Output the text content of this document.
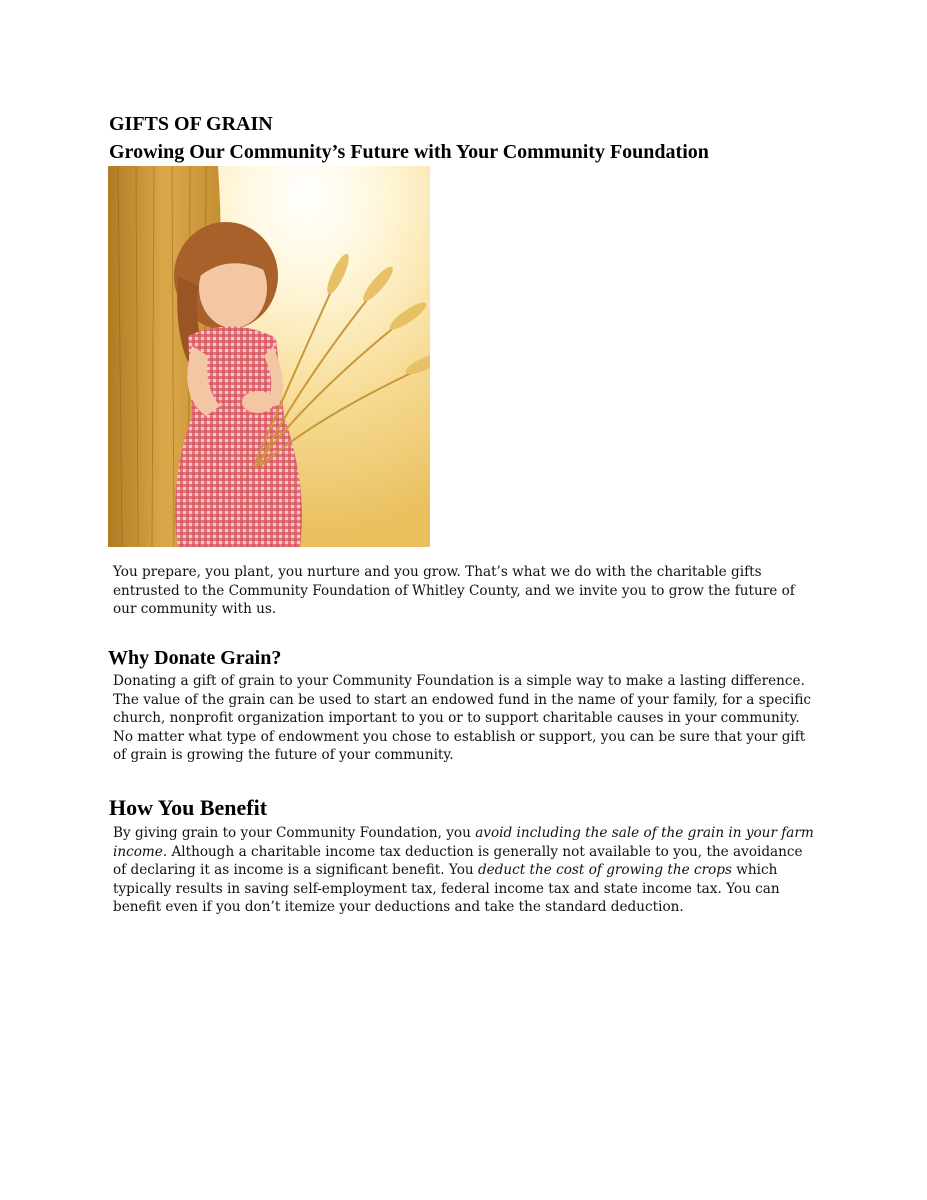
GIFTS OF GRAIN
Growing Our Community’s Future with Your Community Foundation

You prepare, you plant, you nurture and you grow. That’s what we do with the charitable gifts entrusted to the Community Foundation of Whitley County, and we invite you to grow the future of our community with us.

Why Donate Grain?

Donating a gift of grain to your Community Foundation is a simple way to make a lasting difference. The value of the grain can be used to start an endowed fund in the name of your family, for a specific church, nonprofit organization important to you or to support charitable causes in your community. No matter what type of endowment you chose to establish or support, you can be sure that your gift of grain is growing the future of your community.

How You Benefit

By giving grain to your Community Foundation, you avoid including the sale of the grain in your farm income. Although a charitable income tax deduction is generally not available to you, the avoidance of declaring it as income is a significant benefit. You deduct the cost of growing the crops which typically results in saving self-employment tax, federal income tax and state income tax. You can benefit even if you don’t itemize your deductions and take the standard deduction.
